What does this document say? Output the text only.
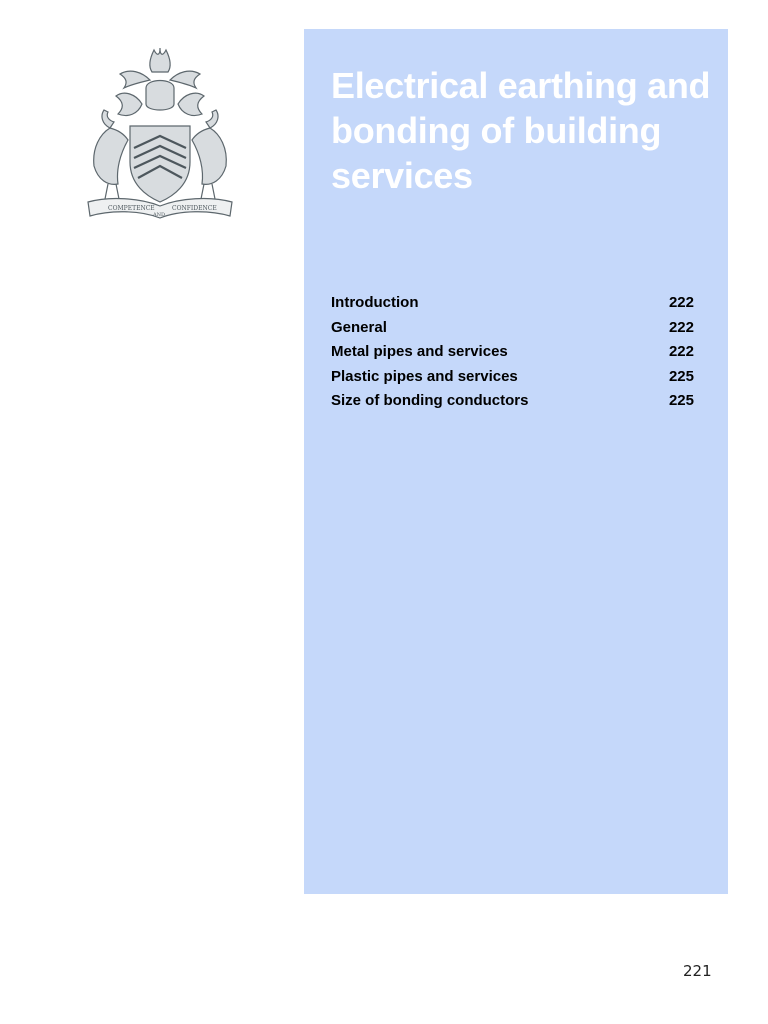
COMPETENCE
AND
CONFIDENCE
Electrical earthing and bonding of building services
Introduction	222
General	222
Metal pipes and services	222
Plastic pipes and services	225
Size of bonding conductors	225
221
